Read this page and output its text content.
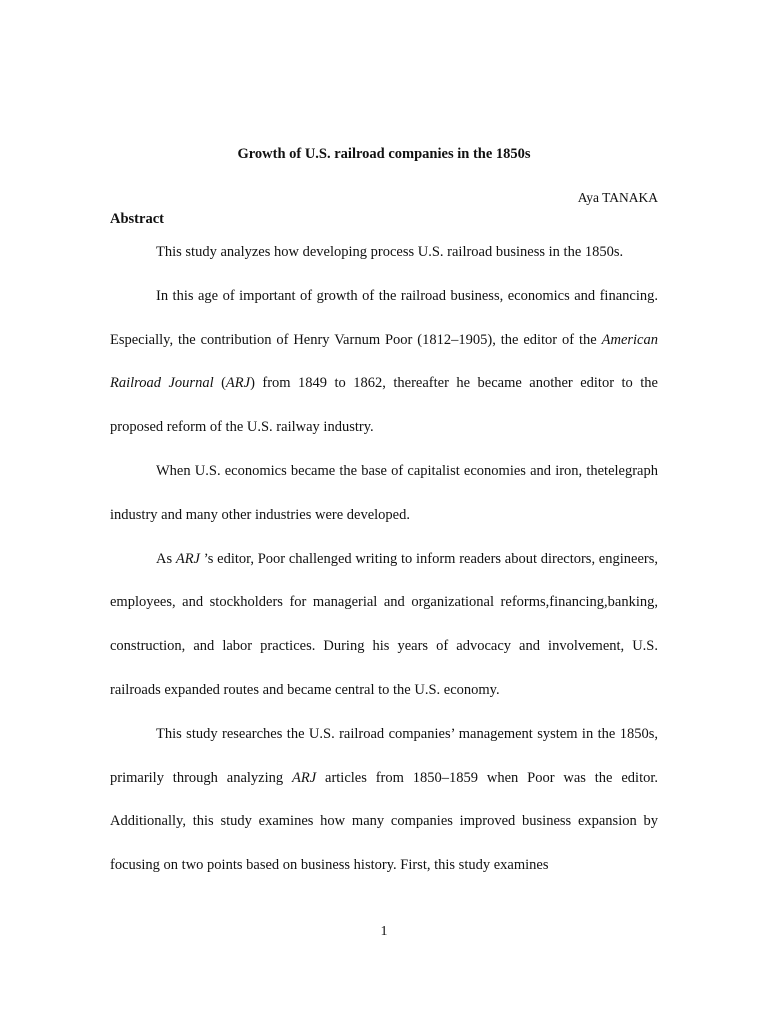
Growth of U.S. railroad companies in the 1850s
Aya TANAKA
Abstract

This study analyzes how developing process U.S. railroad business in the 1850s.

In this age of important of growth of the railroad business, economics and financing. Especially, the contribution of Henry Varnum Poor (1812–1905), the editor of the American Railroad Journal (ARJ) from 1849 to 1862, thereafter he became another editor to the proposed reform of the U.S. railway industry.

When U.S. economics became the base of capitalist economies and iron, thetelegraph industry and many other industries were developed.

As ARJ ’s editor, Poor challenged writing to inform readers about directors, engineers, employees, and stockholders for managerial and organizational reforms,financing,banking, construction, and labor practices. During his years of advocacy and involvement, U.S. railroads expanded routes and became central to the U.S. economy.

This study researches the U.S. railroad companies’ management system in the 1850s, primarily through analyzing ARJ articles from 1850–1859 when Poor was the editor. Additionally, this study examines how many companies improved business expansion by focusing on two points based on business history. First, this study examines

1
